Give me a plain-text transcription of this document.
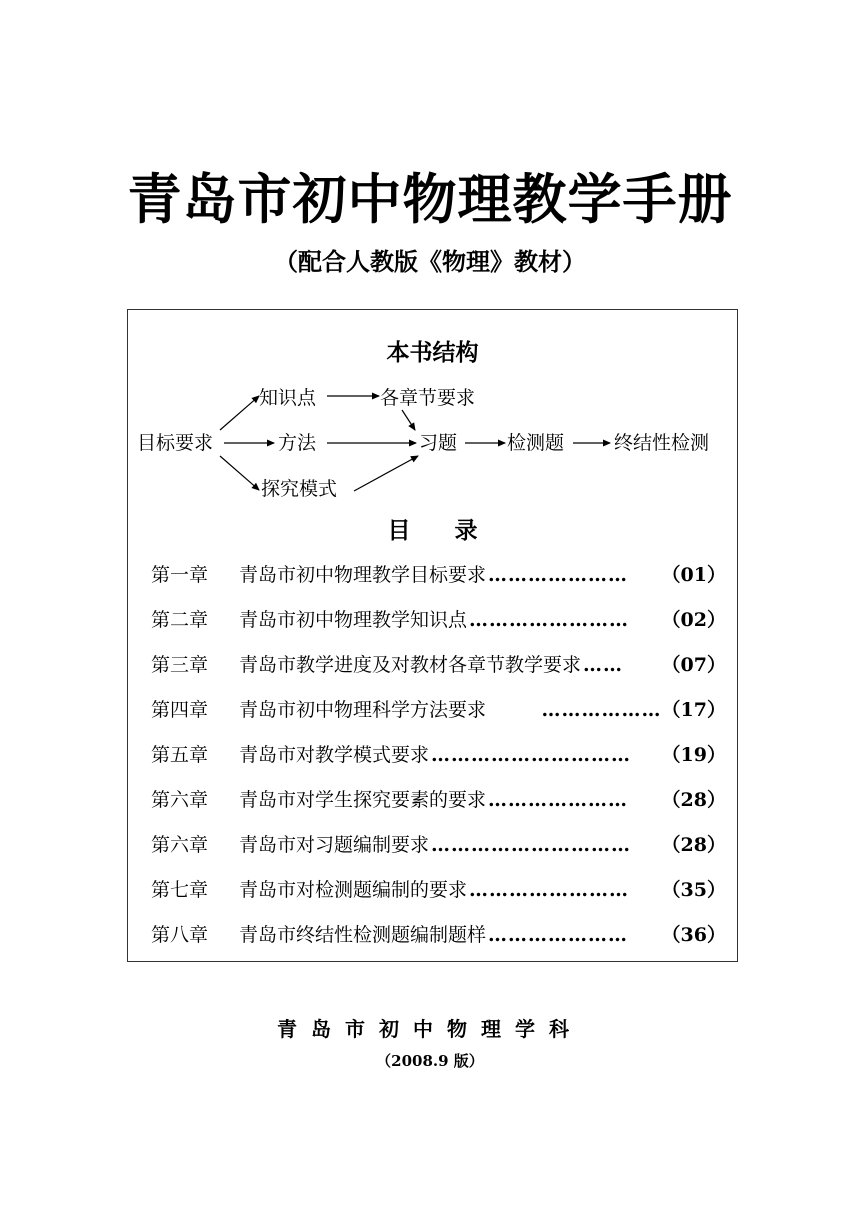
青岛市初中物理教学手册
（配合人教版《物理》教材）
本书结构
目标要求
知识点	各章节要求
方法	习题	检测题	终结性检测
探究模式
目 录
第一章	青岛市初中物理教学目标要求 …………………	（01）
第二章	青岛市初中物理教学知识点 ……………………	（02）
第三章	青岛市教学进度及对教材各章节教学要求 ……	（07）
第四章	青岛市初中物理科学方法要求	……………… （17）
第五章	青岛市对教学模式要求 …………………………	（19）
第六章	青岛市对学生探究要素的要求 …………………	（28）
第六章	青岛市对习题编制要求 …………………………	（28）
第七章	青岛市对检测题编制的要求 ……………………	（35）
第八章	青岛市终结性检测题编制题样 …………………	（36）
青岛市初中物理学科
（2008.9 版）
